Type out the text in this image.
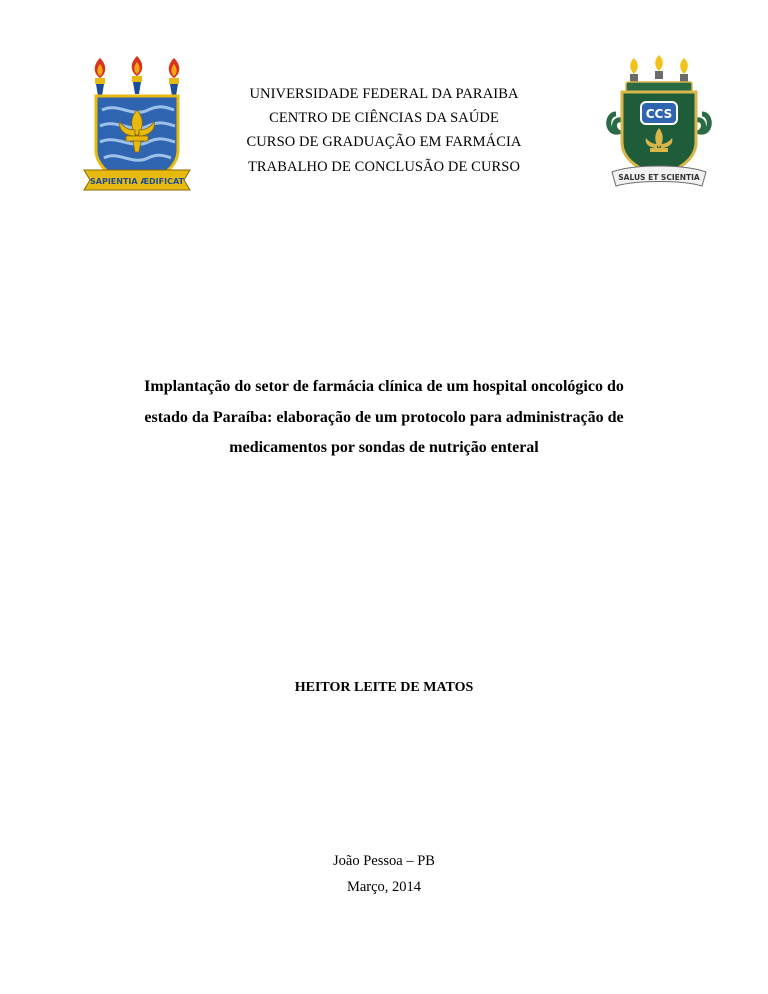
SAPIENTIA ÆDIFICAT
UNIVERSIDADE FEDERAL DA PARAIBA
CENTRO DE CIÊNCIAS DA SAÚDE
CURSO DE GRADUAÇÃO EM FARMÁCIA
TRABALHO DE CONCLUSÃO DE CURSO
CCS
SALUS ET SCIENTIA
Implantação do setor de farmácia clínica de um hospital oncológico do
estado da Paraíba: elaboração de um protocolo para administração de
medicamentos por sondas de nutrição enteral
HEITOR LEITE DE MATOS
João Pessoa – PB
Março, 2014
